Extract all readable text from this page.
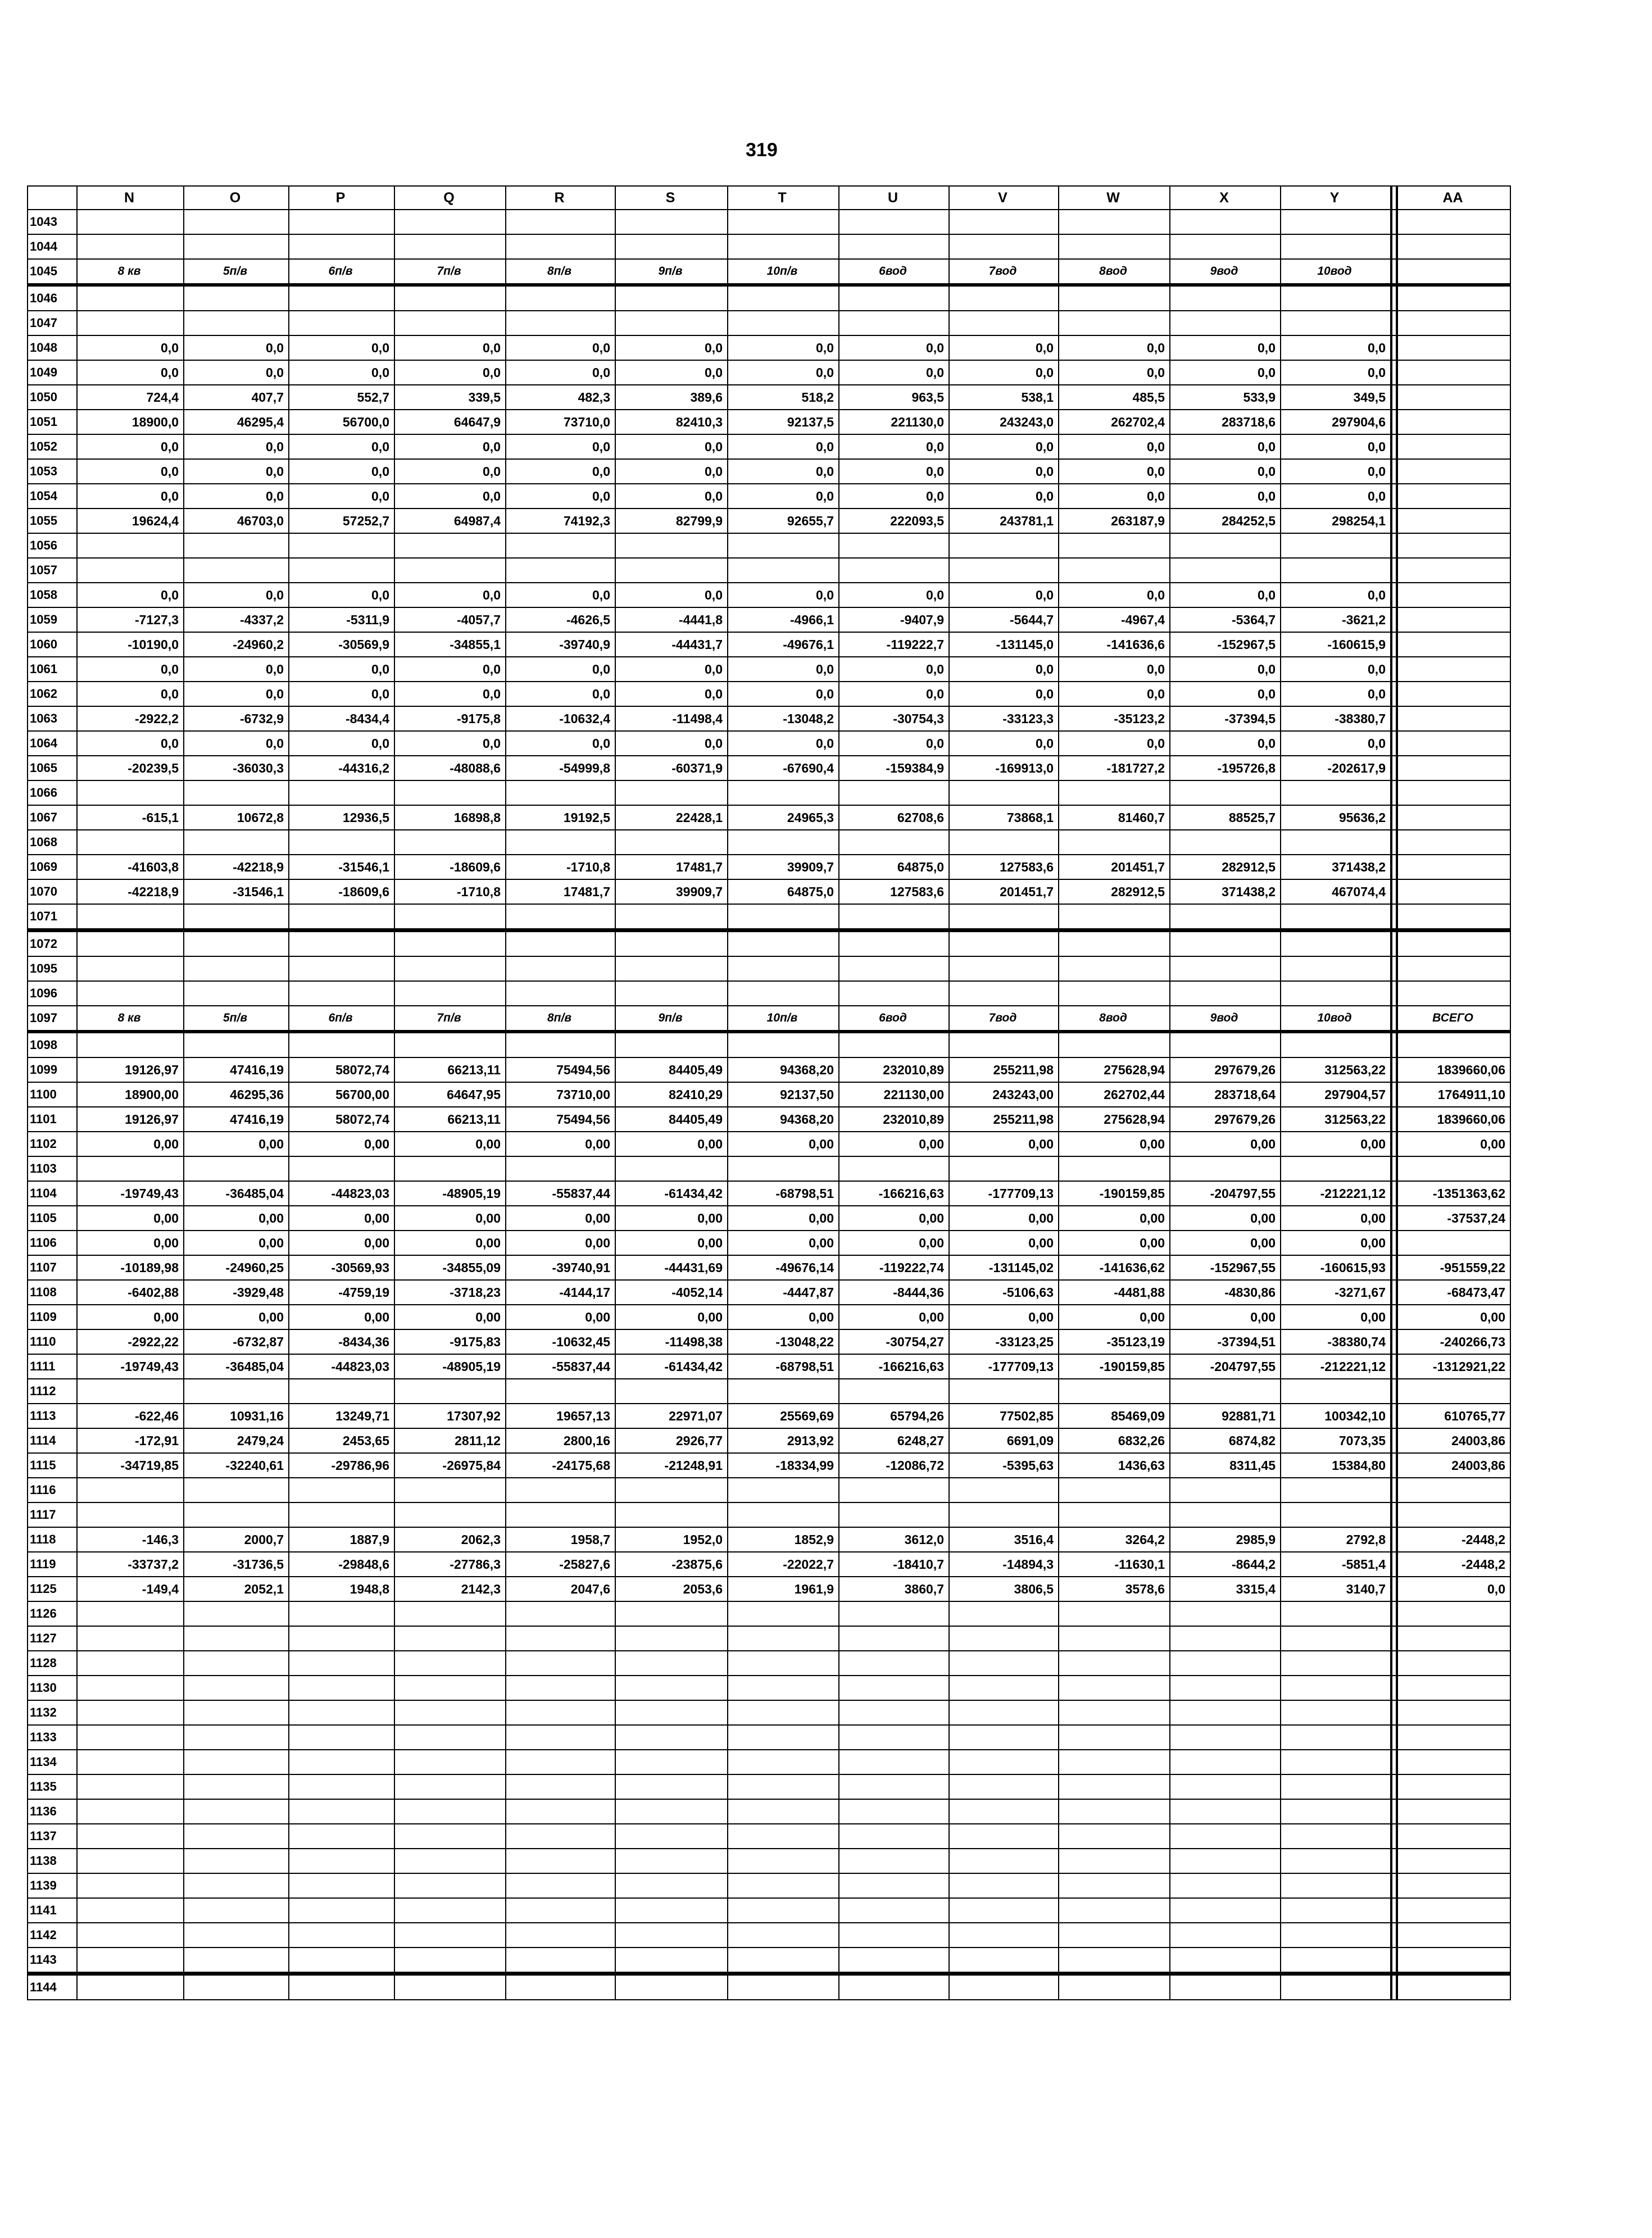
319
	N	O	P	Q	R	S	T	U	V	W	X	Y		AA
1043														
1044														
1045	8 кв	5п/в	6п/в	7п/в	8п/в	9п/в	10п/в	6вод	7вод	8вод	9вод	10вод		
1046														
1047														
1048	0,0	0,0	0,0	0,0	0,0	0,0	0,0	0,0	0,0	0,0	0,0	0,0		
1049	0,0	0,0	0,0	0,0	0,0	0,0	0,0	0,0	0,0	0,0	0,0	0,0		
1050	724,4	407,7	552,7	339,5	482,3	389,6	518,2	963,5	538,1	485,5	533,9	349,5		
1051	18900,0	46295,4	56700,0	64647,9	73710,0	82410,3	92137,5	221130,0	243243,0	262702,4	283718,6	297904,6		
1052	0,0	0,0	0,0	0,0	0,0	0,0	0,0	0,0	0,0	0,0	0,0	0,0		
1053	0,0	0,0	0,0	0,0	0,0	0,0	0,0	0,0	0,0	0,0	0,0	0,0		
1054	0,0	0,0	0,0	0,0	0,0	0,0	0,0	0,0	0,0	0,0	0,0	0,0		
1055	19624,4	46703,0	57252,7	64987,4	74192,3	82799,9	92655,7	222093,5	243781,1	263187,9	284252,5	298254,1		
1056														
1057														
1058	0,0	0,0	0,0	0,0	0,0	0,0	0,0	0,0	0,0	0,0	0,0	0,0		
1059	-7127,3	-4337,2	-5311,9	-4057,7	-4626,5	-4441,8	-4966,1	-9407,9	-5644,7	-4967,4	-5364,7	-3621,2		
1060	-10190,0	-24960,2	-30569,9	-34855,1	-39740,9	-44431,7	-49676,1	-119222,7	-131145,0	-141636,6	-152967,5	-160615,9		
1061	0,0	0,0	0,0	0,0	0,0	0,0	0,0	0,0	0,0	0,0	0,0	0,0		
1062	0,0	0,0	0,0	0,0	0,0	0,0	0,0	0,0	0,0	0,0	0,0	0,0		
1063	-2922,2	-6732,9	-8434,4	-9175,8	-10632,4	-11498,4	-13048,2	-30754,3	-33123,3	-35123,2	-37394,5	-38380,7		
1064	0,0	0,0	0,0	0,0	0,0	0,0	0,0	0,0	0,0	0,0	0,0	0,0		
1065	-20239,5	-36030,3	-44316,2	-48088,6	-54999,8	-60371,9	-67690,4	-159384,9	-169913,0	-181727,2	-195726,8	-202617,9		
1066														
1067	-615,1	10672,8	12936,5	16898,8	19192,5	22428,1	24965,3	62708,6	73868,1	81460,7	88525,7	95636,2		
1068														
1069	-41603,8	-42218,9	-31546,1	-18609,6	-1710,8	17481,7	39909,7	64875,0	127583,6	201451,7	282912,5	371438,2		
1070	-42218,9	-31546,1	-18609,6	-1710,8	17481,7	39909,7	64875,0	127583,6	201451,7	282912,5	371438,2	467074,4		
1071														
1072														
1095														
1096														
1097	8 кв	5п/в	6п/в	7п/в	8п/в	9п/в	10п/в	6вод	7вод	8вод	9вод	10вод		ВСЕГО
1098														
1099	19126,97	47416,19	58072,74	66213,11	75494,56	84405,49	94368,20	232010,89	255211,98	275628,94	297679,26	312563,22		1839660,06
1100	18900,00	46295,36	56700,00	64647,95	73710,00	82410,29	92137,50	221130,00	243243,00	262702,44	283718,64	297904,57		1764911,10
1101	19126,97	47416,19	58072,74	66213,11	75494,56	84405,49	94368,20	232010,89	255211,98	275628,94	297679,26	312563,22		1839660,06
1102	0,00	0,00	0,00	0,00	0,00	0,00	0,00	0,00	0,00	0,00	0,00	0,00		0,00
1103														
1104	-19749,43	-36485,04	-44823,03	-48905,19	-55837,44	-61434,42	-68798,51	-166216,63	-177709,13	-190159,85	-204797,55	-212221,12		-1351363,62
1105	0,00	0,00	0,00	0,00	0,00	0,00	0,00	0,00	0,00	0,00	0,00	0,00		-37537,24
1106	0,00	0,00	0,00	0,00	0,00	0,00	0,00	0,00	0,00	0,00	0,00	0,00		
1107	-10189,98	-24960,25	-30569,93	-34855,09	-39740,91	-44431,69	-49676,14	-119222,74	-131145,02	-141636,62	-152967,55	-160615,93		-951559,22
1108	-6402,88	-3929,48	-4759,19	-3718,23	-4144,17	-4052,14	-4447,87	-8444,36	-5106,63	-4481,88	-4830,86	-3271,67		-68473,47
1109	0,00	0,00	0,00	0,00	0,00	0,00	0,00	0,00	0,00	0,00	0,00	0,00		0,00
1110	-2922,22	-6732,87	-8434,36	-9175,83	-10632,45	-11498,38	-13048,22	-30754,27	-33123,25	-35123,19	-37394,51	-38380,74		-240266,73
1111	-19749,43	-36485,04	-44823,03	-48905,19	-55837,44	-61434,42	-68798,51	-166216,63	-177709,13	-190159,85	-204797,55	-212221,12		-1312921,22
1112														
1113	-622,46	10931,16	13249,71	17307,92	19657,13	22971,07	25569,69	65794,26	77502,85	85469,09	92881,71	100342,10		610765,77
1114	-172,91	2479,24	2453,65	2811,12	2800,16	2926,77	2913,92	6248,27	6691,09	6832,26	6874,82	7073,35		24003,86
1115	-34719,85	-32240,61	-29786,96	-26975,84	-24175,68	-21248,91	-18334,99	-12086,72	-5395,63	1436,63	8311,45	15384,80		24003,86
1116														
1117														
1118	-146,3	2000,7	1887,9	2062,3	1958,7	1952,0	1852,9	3612,0	3516,4	3264,2	2985,9	2792,8		-2448,2
1119	-33737,2	-31736,5	-29848,6	-27786,3	-25827,6	-23875,6	-22022,7	-18410,7	-14894,3	-11630,1	-8644,2	-5851,4		-2448,2
1125	-149,4	2052,1	1948,8	2142,3	2047,6	2053,6	1961,9	3860,7	3806,5	3578,6	3315,4	3140,7		0,0
1126														
1127														
1128														
1130														
1132														
1133														
1134														
1135														
1136														
1137														
1138														
1139														
1141														
1142														
1143														
1144														
